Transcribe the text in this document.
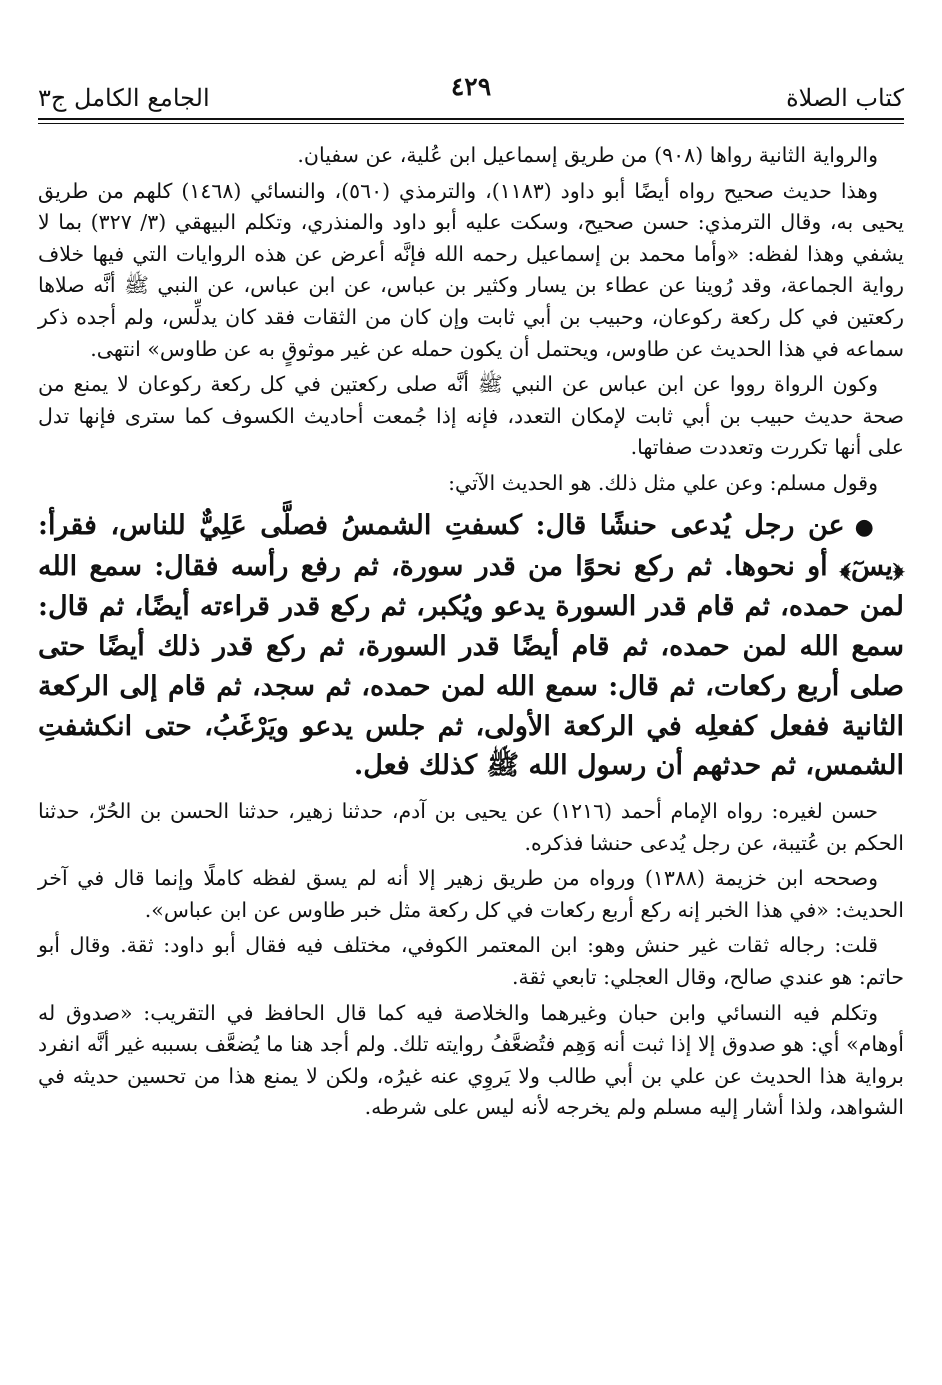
كتاب الصلاة
٤٢٩
الجامع الكامل ج٣

والرواية الثانية رواها (٩٠٨) من طريق إسماعيل ابن عُلية، عن سفيان.

وهذا حديث صحيح رواه أيضًا أبو داود (١١٨٣)، والترمذي (٥٦٠)، والنسائي (١٤٦٨) كلهم من طريق يحيى به، وقال الترمذي: حسن صحيح، وسكت عليه أبو داود والمنذري، وتكلم البيهقي (٣/ ٣٢٧) بما لا يشفي وهذا لفظه: «وأما محمد بن إسماعيل رحمه الله فإنَّه أعرض عن هذه الروايات التي فيها خلاف رواية الجماعة، وقد رُوينا عن عطاء بن يسار وكثير بن عباس، عن ابن عباس، عن النبي ﷺ أنَّه صلاها ركعتين في كل ركعة ركوعان، وحبيب بن أبي ثابت وإن كان من الثقات فقد كان يدلِّس، ولم أجده ذكر سماعه في هذا الحديث عن طاوس، ويحتمل أن يكون حمله عن غير موثوقٍ به عن طاوس» انتهى.

وكون الرواة رووا عن ابن عباس عن النبي ﷺ أنَّه صلى ركعتين في كل ركعة ركوعان لا يمنع من صحة حديث حبيب بن أبي ثابت لإمكان التعدد، فإنه إذا جُمعت أحاديث الكسوف كما سترى فإنها تدل على أنها تكررت وتعددت صفاتها.

وقول مسلم: وعن علي مثل ذلك. هو الحديث الآتي:

●عن رجل يُدعى حنشًا قال: كسفتِ الشمسُ فصلَّى عَلِيٌّ للناس، فقرأ: ﴿يسٓ﴾ أو نحوها. ثم ركع نحوًا من قدر سورة، ثم رفع رأسه فقال: سمع الله لمن حمده، ثم قام قدر السورة يدعو ويُكبر، ثم ركع قدر قراءته أيضًا، ثم قال: سمع الله لمن حمده، ثم قام أيضًا قدر السورة، ثم ركع قدر ذلك أيضًا حتى صلى أربع ركعات، ثم قال: سمع الله لمن حمده، ثم سجد، ثم قام إلى الركعة الثانية ففعل كفعلِه في الركعة الأولى، ثم جلس يدعو ويَرْغَبُ، حتى انكشفتِ الشمس، ثم حدثهم أن رسول الله ﷺ كذلك فعل.

حسن لغيره: رواه الإمام أحمد (١٢١٦) عن يحيى بن آدم، حدثنا زهير، حدثنا الحسن بن الحُرّ، حدثنا الحكم بن عُتيبة، عن رجل يُدعى حنشا فذكره.

وصححه ابن خزيمة (١٣٨٨) ورواه من طريق زهير إلا أنه لم يسق لفظه كاملًا وإنما قال في آخر الحديث: «في هذا الخبر إنه ركع أربع ركعات في كل ركعة مثل خبر طاوس عن ابن عباس».

قلت: رجاله ثقات غير حنش وهو: ابن المعتمر الكوفي، مختلف فيه فقال أبو داود: ثقة. وقال أبو حاتم: هو عندي صالح، وقال العجلي: تابعي ثقة.

وتكلم فيه النسائي وابن حبان وغيرهما والخلاصة فيه كما قال الحافظ في التقريب: «صدوق له أوهام» أي: هو صدوق إلا إذا ثبت أنه وَهِم فتُضعَّفُ روايته تلك. ولم أجد هنا ما يُضعَّف بسببه غير أنَّه انفرد برواية هذا الحديث عن علي بن أبي طالب ولا يَروِي عنه غيرُه، ولكن لا يمنع هذا من تحسين حديثه في الشواهد، ولذا أشار إليه مسلم ولم يخرجه لأنه ليس على شرطه.
